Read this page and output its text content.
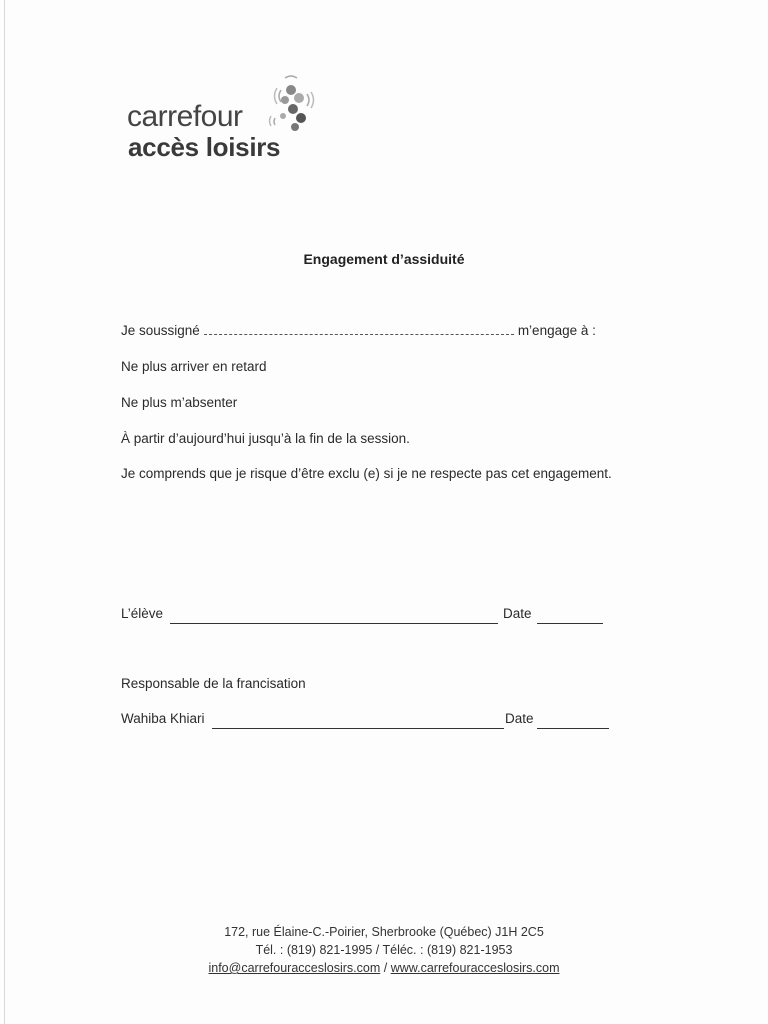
carrefour
accès loisirs
Engagement d’assiduité
Je soussigné	m’engage à :
Ne plus arriver en retard
Ne plus m’absenter
À partir d’aujourd’hui jusqu’à la fin de la session.
Je comprends que je risque d’être exclu (e) si je ne respecte pas cet engagement.
L’élève	Date
Responsable de la francisation
Wahiba Khiari	Date
172, rue Élaine-C.-Poirier, Sherbrooke (Québec) J1H 2C5
Tél. : (819) 821-1995 / Téléc. : (819) 821-1953
info@carrefouracceslosirs.com / www.carrefouracceslosirs.com
